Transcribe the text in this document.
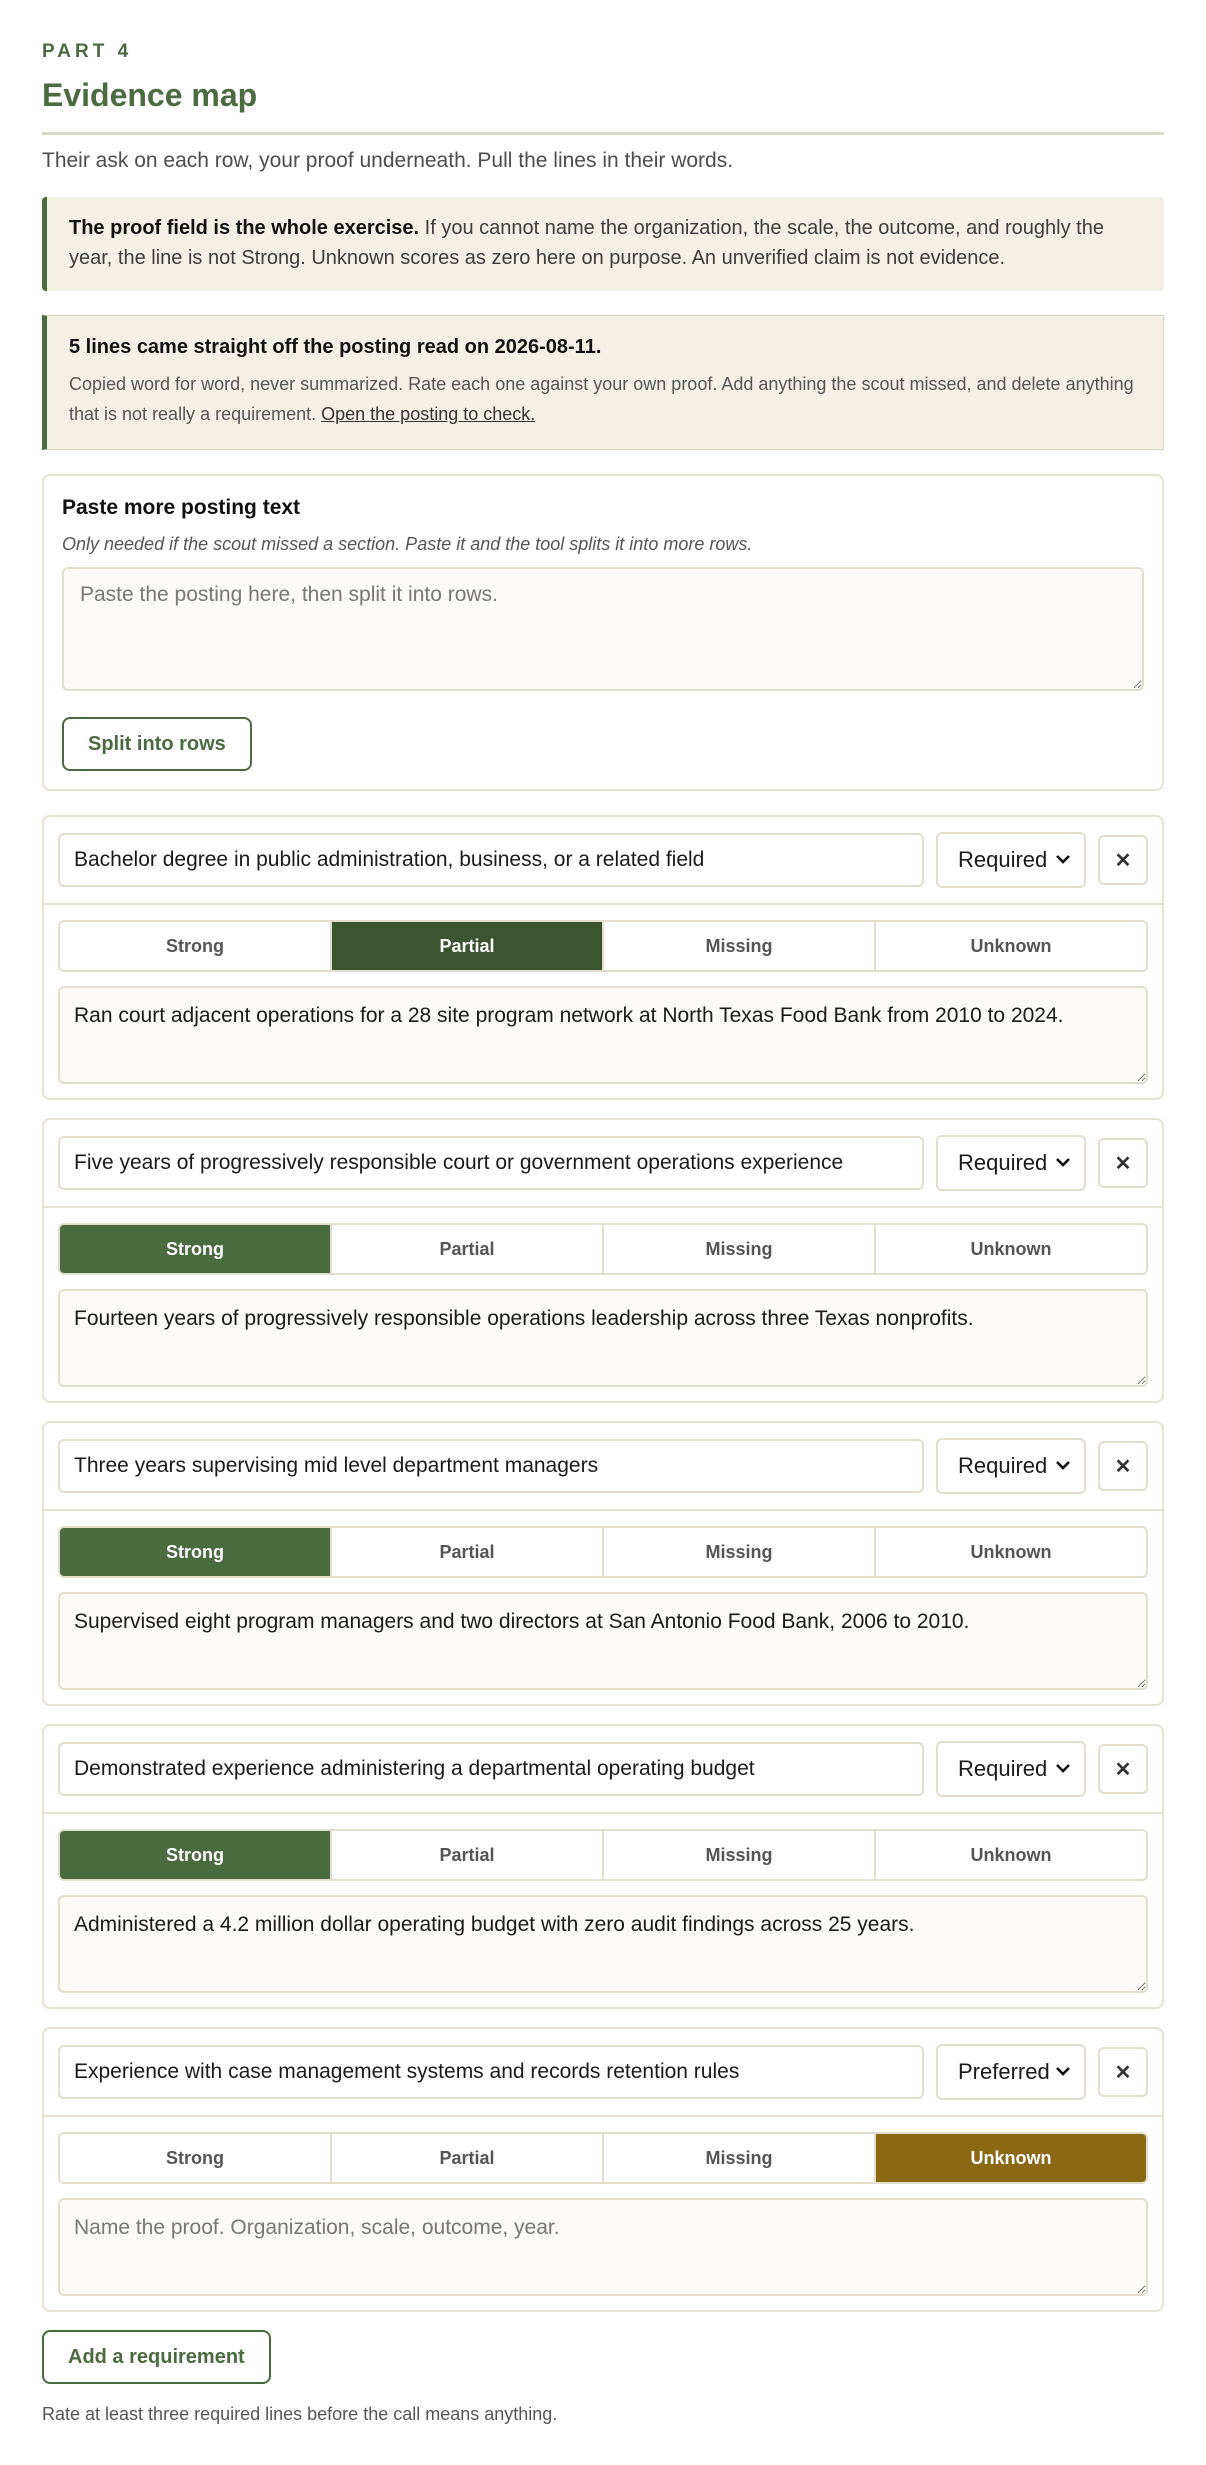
PART 4
Evidence map

Their ask on each row, your proof underneath. Pull the lines in their words.

The proof field is the whole exercise. If you cannot name the organization, the scale, the outcome, and roughly the year, the line is not Strong. Unknown scores as zero here on purpose. An unverified claim is not evidence.
5 lines came straight off the posting read on 2026-08-11.
Copied word for word, never summarized. Rate each one against your own proof. Add anything the scout missed, and delete anything that is not really a requirement. Open the posting to check.
Paste more posting text
Only needed if the scout missed a section. Paste it and the tool splits it into more rows.
Paste the posting here, then split it into rows. Split into rows
Bachelor degree in public administration, business, or a related field
Required	✕
Strong	Partial	Missing	Unknown
Ran court adjacent operations for a 28 site program network at North Texas Food Bank from 2010 to 2024.
Five years of progressively responsible court or government operations experience
Required	✕
Strong	Partial	Missing	Unknown
Fourteen years of progressively responsible operations leadership across three Texas nonprofits.
Three years supervising mid level department managers
Required	✕
Strong	Partial	Missing	Unknown
Supervised eight program managers and two directors at San Antonio Food Bank, 2006 to 2010.
Demonstrated experience administering a departmental operating budget
Required	✕
Strong	Partial	Missing	Unknown
Administered a 4.2 million dollar operating budget with zero audit findings across 25 years.
Experience with case management systems and records retention rules
Preferred	✕
Strong	Partial	Missing	Unknown
Name the proof. Organization, scale, outcome, year.
Add a requirement

Rate at least three required lines before the call means anything.
